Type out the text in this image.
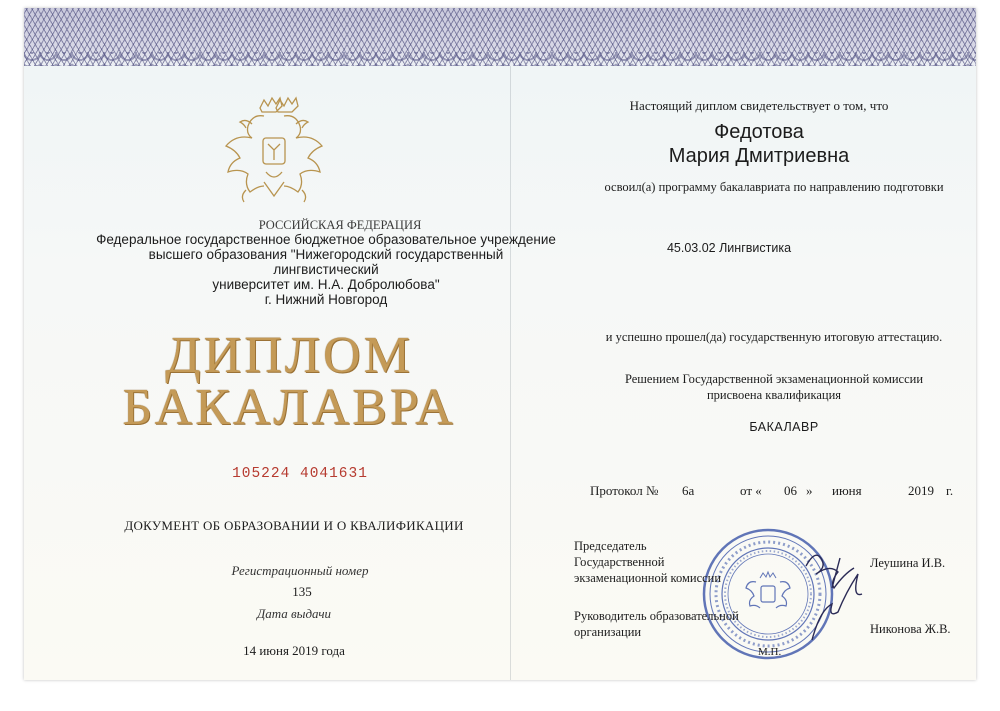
РОССИЙСКАЯ ФЕДЕРАЦИЯ
Федеральное государственное бюджетное образовательное учреждение
высшего образования "Нижегородский государственный лингвистический
университет им. Н.А. Добролюбова"
г. Нижний Новгород
ДИПЛОМ
БАКАЛАВРА
105224 4041631
ДОКУМЕНТ ОБ ОБРАЗОВАНИИ И О КВАЛИФИКАЦИИ
Регистрационный номер
135
Дата выдачи
14 июня 2019 года
Настоящий диплом свидетельствует о том, что
Федотова
Мария Дмитриевна
освоил(а) программу бакалавриата по направлению подготовки
45.03.02 Лингвистика
и успешно прошел(да) государственную итоговую аттестацию.
Решением Государственной экзаменационной комиссии
присвоена квалификация
БАКАЛАВР
Протокол № 6а	от « 06 » июня	2019 г.
Председатель
Государственной
экзаменационной комиссии
Леушина И.В.
Руководитель образовательной
организации	Никонова Ж.В.
М.П.
